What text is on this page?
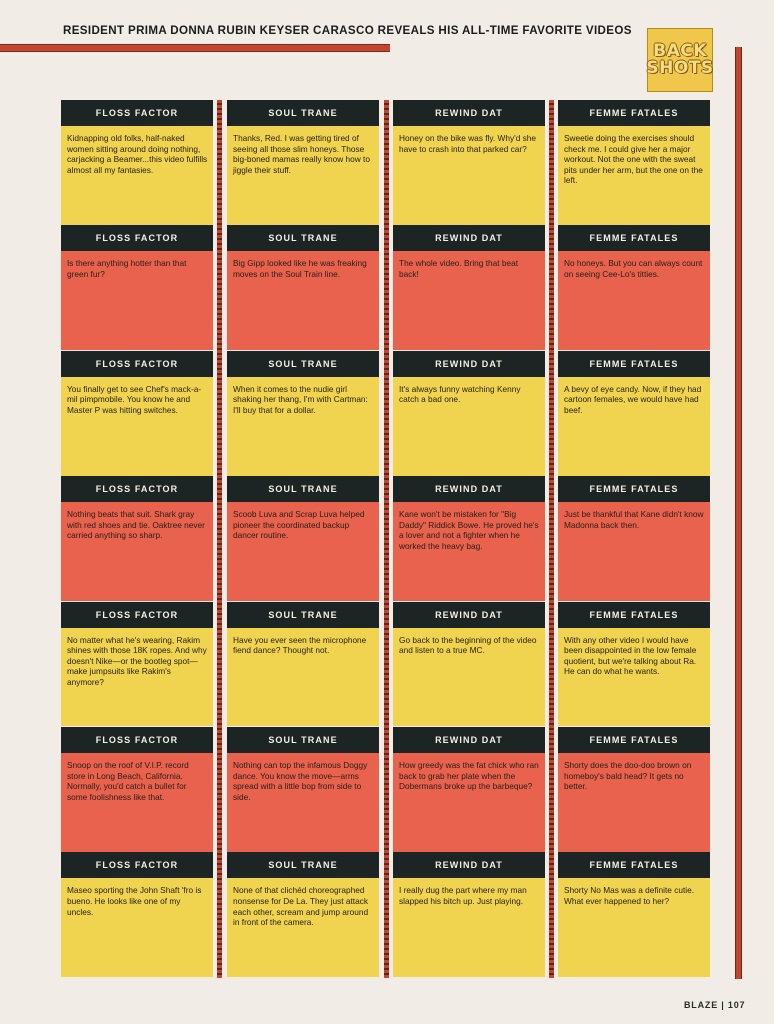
RESIDENT PRIMA DONNA RUBIN KEYSER CARASCO REVEALS HIS ALL-TIME FAVORITE VIDEOS
BACK
SHOTS
FLOSS FACTOR
Kidnapping old folks, half-naked women sitting around doing nothing, carjacking a Beamer...this video fulfills almost all my fantasies.
FLOSS FACTOR
Is there anything hotter than that green fur?
FLOSS FACTOR
You finally get to see Chef's mack-a-mil pimpmobile. You know he and Master P was hitting switches.
FLOSS FACTOR
Nothing beats that suit. Shark gray with red shoes and tie. Oaktree never carried anything so sharp.
FLOSS FACTOR
No matter what he's wearing, Rakim shines with those 18K ropes. And why doesn't Nike—or the bootleg spot—make jumpsuits like Rakim's anymore?
FLOSS FACTOR
Snoop on the roof of V.I.P. record store in Long Beach, California. Normally, you'd catch a bullet for some foolishness like that.
FLOSS FACTOR
Maseo sporting the John Shaft 'fro is bueno. He looks like one of my uncles.
SOUL TRANE
Thanks, Red. I was getting tired of seeing all those slim honeys. Those big-boned mamas really know how to jiggle their stuff.
SOUL TRANE
Big Gipp looked like he was freaking moves on the Soul Train line.
SOUL TRANE
When it comes to the nudie girl shaking her thang, I'm with Cartman: I'll buy that for a dollar.
SOUL TRANE
Scoob Luva and Scrap Luva helped pioneer the coordinated backup dancer routine.
SOUL TRANE
Have you ever seen the microphone fiend dance? Thought not.
SOUL TRANE
Nothing can top the infamous Doggy dance. You know the move—arms spread with a little bop from side to side.
SOUL TRANE
None of that clichéd choreographed nonsense for De La. They just attack each other, scream and jump around in front of the camera.
REWIND DAT
Honey on the bike was fly. Why'd she have to crash into that parked car?
REWIND DAT
The whole video. Bring that beat back!
REWIND DAT
It's always funny watching Kenny catch a bad one.
REWIND DAT
Kane won't be mistaken for "Big Daddy" Riddick Bowe. He proved he's a lover and not a fighter when he worked the heavy bag.
REWIND DAT
Go back to the beginning of the video and listen to a true MC.
REWIND DAT
How greedy was the fat chick who ran back to grab her plate when the Dobermans broke up the barbeque?
REWIND DAT
I really dug the part where my man slapped his bitch up. Just playing.
FEMME FATALES
Sweetie doing the exercises should check me. I could give her a major workout. Not the one with the sweat pits under her arm, but the one on the left.
FEMME FATALES
No honeys. But you can always count on seeing Cee-Lo's titties.
FEMME FATALES
A bevy of eye candy. Now, if they had cartoon females, we would have had beef.
FEMME FATALES
Just be thankful that Kane didn't know Madonna back then.
FEMME FATALES
With any other video I would have been disappointed in the low female quotient, but we're talking about Ra. He can do what he wants.
FEMME FATALES
Shorty does the doo-doo brown on homeboy's bald head? It gets no better.
FEMME FATALES
Shorty No Mas was a definite cutie. What ever happened to her?
BLAZE | 107
